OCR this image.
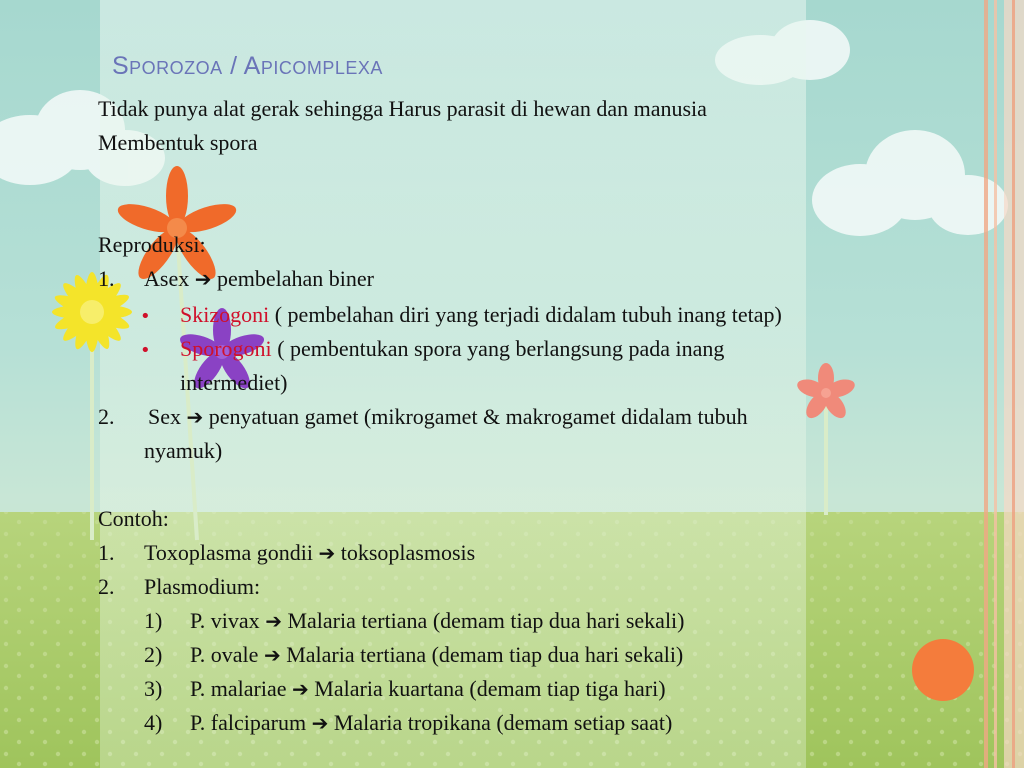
Sporozoa / Apicomplexa
Tidak punya alat gerak sehingga Harus parasit di hewan dan manusia
Membentuk spora
Reproduksi:
1. Asex ➔ pembelahan biner
• Skizogoni ( pembelahan diri yang terjadi didalam tubuh inang tetap)
• Sporogoni ( pembentukan spora yang berlangsung pada inang
intermediet)
2. Sex ➔ penyatuan gamet (mikrogamet & makrogamet didalam tubuh
nyamuk)
Contoh:
1. Toxoplasma gondii ➔ toksoplasmosis
2. Plasmodium:
1) P. vivax ➔ Malaria tertiana (demam tiap dua hari sekali)
2) P. ovale ➔ Malaria tertiana (demam tiap dua hari sekali)
3) P. malariae ➔ Malaria kuartana (demam tiap tiga hari)
4) P. falciparum ➔ Malaria tropikana (demam setiap saat)
